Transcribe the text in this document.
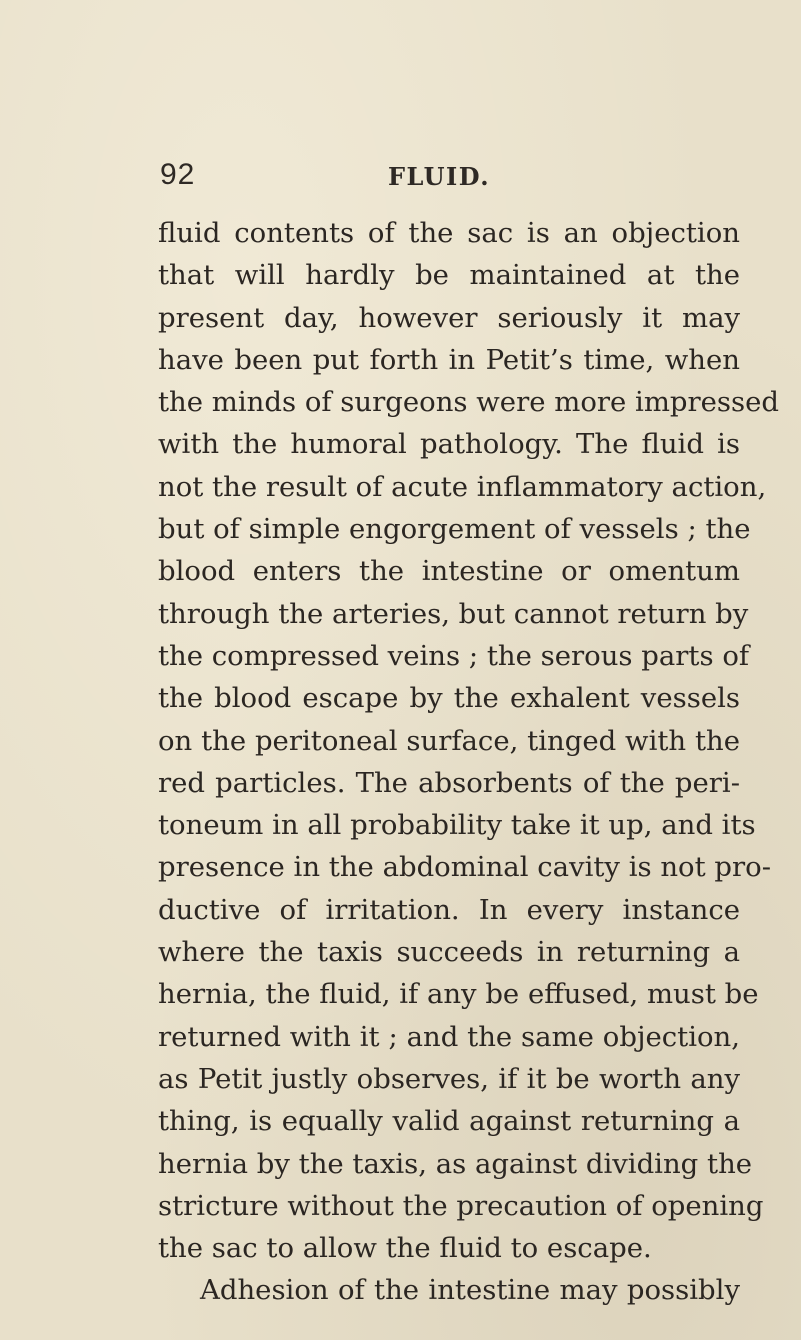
92	FLUID.
fluid contents of the sac is an objection
that will hardly be maintained at the
present day, however seriously it may
have been put forth in Petit’s time, when
the minds of surgeons were more impressed
with the humoral pathology. The fluid is
not the result of acute inflammatory action,
but of simple engorgement of vessels ; the
blood enters the intestine or omentum
through the arteries, but cannot return by
the compressed veins ; the serous parts of
the blood escape by the exhalent vessels
on the peritoneal surface, tinged with the
red particles. The absorbents of the peri-
toneum in all probability take it up, and its
presence in the abdominal cavity is not pro-
ductive of irritation. In every instance
where the taxis succeeds in returning a
hernia, the fluid, if any be effused, must be
returned with it ; and the same objection,
as Petit justly observes, if it be worth any
thing, is equally valid against returning a
hernia by the taxis, as against dividing the
stricture without the precaution of opening
the sac to allow the fluid to escape.
Adhesion of the intestine may possibly
